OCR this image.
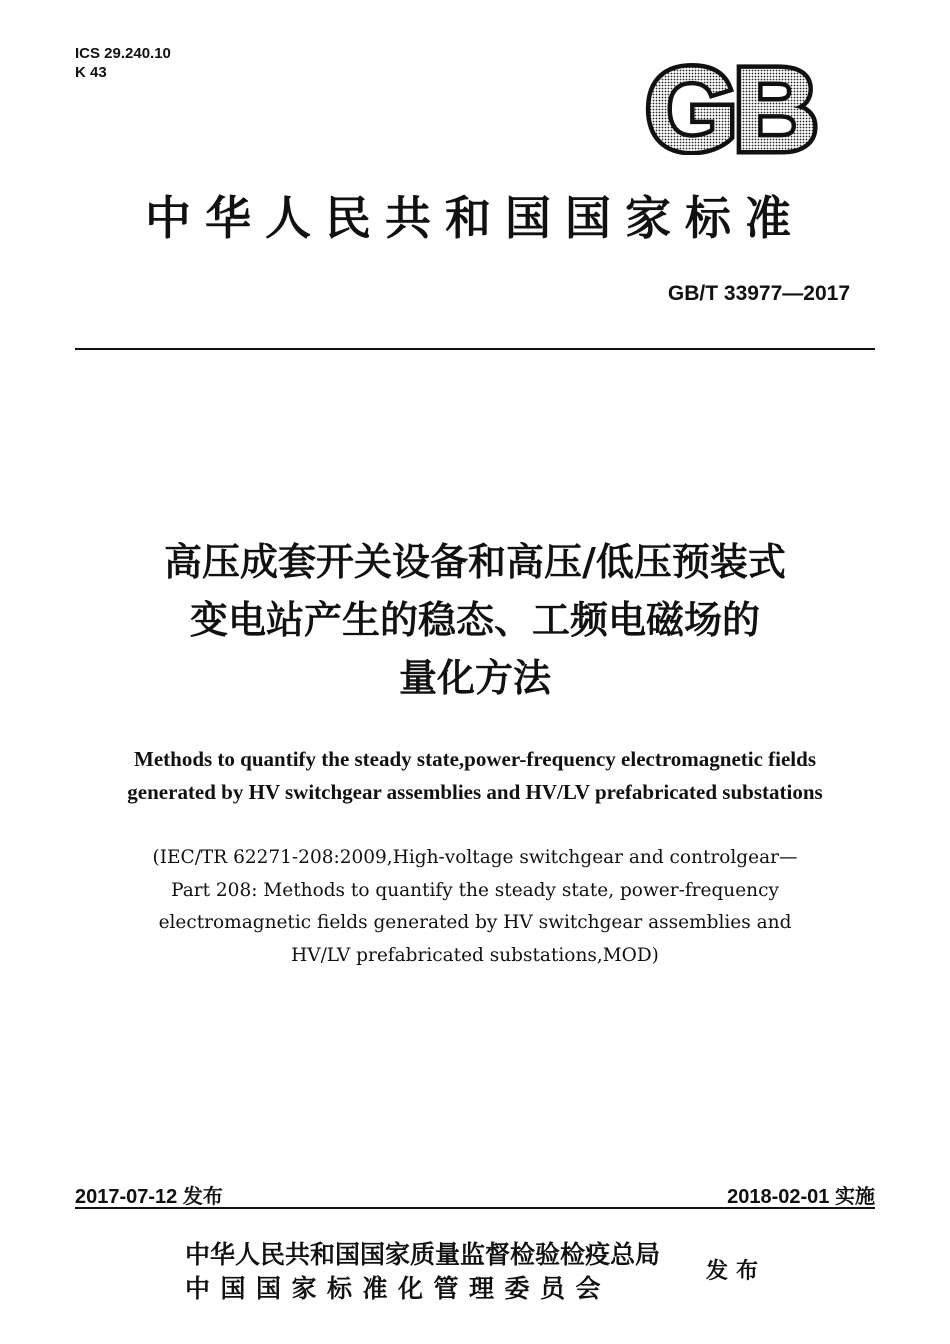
ICS 29.240.10
K 43	GB
中华人民共和国国家标准
GB/T 33977—2017
高压成套开关设备和高压/低压预装式
变电站产生的稳态、工频电磁场的
量化方法
Methods to quantify the steady state,power-frequency electromagnetic fields
generated by HV switchgear assemblies and HV/LV prefabricated substations
(IEC/TR 62271-208:2009,High-voltage switchgear and controlgear—
Part 208: Methods to quantify the steady state, power-frequency
electromagnetic fields generated by HV switchgear assemblies and
HV/LV prefabricated substations,MOD)
2017-07-12 发布	2018-02-01 实施
中华人民共和国国家质量监督检验检疫总局
中国国家标准化管理委员会
发布
